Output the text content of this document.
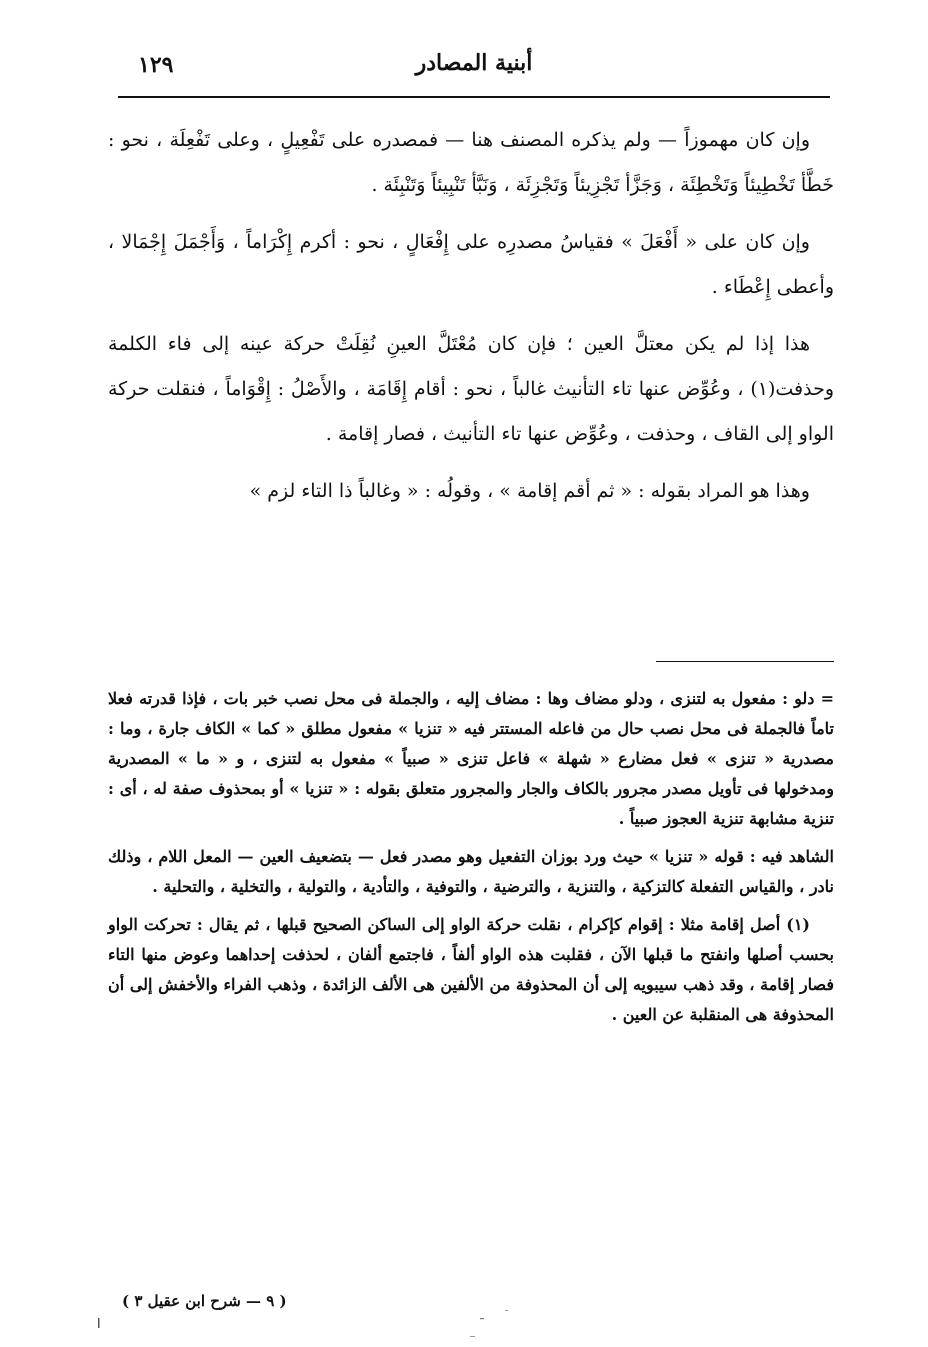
١٢٩	أبنية المصادر

وإن كان مهموزاً — ولم يذكره المصنف هنا — فمصدره على تَفْعِيلٍ ، وعلى تَفْعِلَة ، نحو : خَطَّأ تَخْطِيئاً وَتَخْطِئَة ، وَجَزَّأ تَجْزِيئاً وَتَجْزِئَة ، وَنَبَّأ تَنْبِيئاً وَتَنْبِئَة .

وإن كان على « أَفْعَلَ » فقياسُ مصدرِه على إِفْعَالٍ ، نحو : أكرم إِكْرَاماً ، وَأَجْمَلَ إِجْمَالا ، وأعطى إِعْطَاء .

هذا إذا لم يكن معتلَّ العين ؛ فإن كان مُعْتَلَّ العينِ نُقِلَتْ حركة عينه إلى فاء الكلمة وحذفت(١) ، وعُوِّض عنها تاء التأنيث غالباً ، نحو : أقام إِقَامَة ، والأَصْلُ : إِقْوَاماً ، فنقلت حركة الواو إلى القاف ، وحذفت ، وعُوِّض عنها تاء التأنيث ، فصار إقامة .

وهذا هو المراد بقوله : « ثم أقم إقامة » ، وقولُه : « وغالباً ذا التاء لزم »

= دلو : مفعول به لتنزى ، ودلو مضاف وها : مضاف إليه ، والجملة فى محل نصب خبر بات ، فإذا قدرته فعلا تاماً فالجملة فى محل نصب حال من فاعله المستتر فيه « تنزيا » مفعول مطلق « كما » الكاف جارة ، وما : مصدرية « تنزى » فعل مضارع « شهلة » فاعل تنزى « صبياً » مفعول به لتنزى ، و « ما » المصدرية ومدخولها فى تأويل مصدر مجرور بالكاف والجار والمجرور متعلق بقوله : « تنزيا » أو بمحذوف صفة له ، أى : تنزية مشابهة تنزية العجوز صبياً .

الشاهد فيه : قوله « تنزيا » حيث ورد بوزان التفعيل وهو مصدر فعل — بتضعيف العين — المعل اللام ، وذلك نادر ، والقياس التفعلة كالتزكية ، والتنزية ، والترضية ، والتوفية ، والتأدية ، والتولية ، والتخلية ، والتحلية .

(١) أصل إقامة مثلا : إقوام كإكرام ، نقلت حركة الواو إلى الساكن الصحيح قبلها ، ثم يقال : تحركت الواو بحسب أصلها وانفتح ما قبلها الآن ، فقلبت هذه الواو ألفاً ، فاجتمع ألفان ، لحذفت إحداهما وعوض منها التاء فصار إقامة ، وقد ذهب سيبويه إلى أن المحذوفة من الألفين هى الألف الزائدة ، وذهب الفراء والأخفش إلى أن المحذوفة هى المنقلبة عن العين .

( ٩ — شرح ابن عقيل ٣ )
